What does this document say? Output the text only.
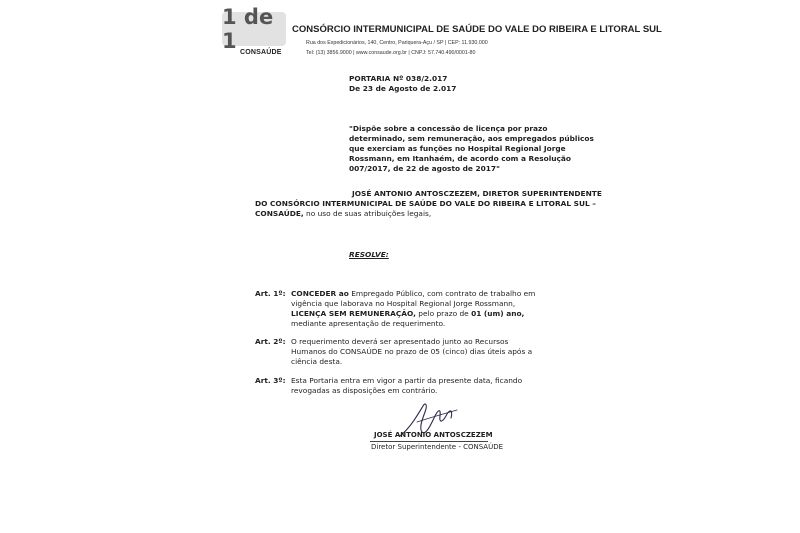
1 de 1 CONSAÚDE
CONSÓRCIO INTERMUNICIPAL DE SAÚDE DO VALE DO RIBEIRA E LITORAL SUL
Rua dos Expedicionários, 140, Centro, Pariquera-Açu / SP | CEP: 11.930.000
Tel: (13) 3856.9000 | www.consaude.org.br | CNPJ: 57.740.490/0001-80
PORTARIA Nº 038/2.017
De 23 de Agosto de 2.017
"Dispõe sobre a concessão de licença por prazo
determinado, sem remuneração, aos empregados públicos
que exerciam as funções no Hospital Regional Jorge
Rossmann, em Itanhaém, de acordo com a Resolução
007/2017, de 22 de agosto de 2017"
JOSÉ ANTONIO ANTOSCZEZEM, DIRETOR SUPERINTENDENTE
DO CONSÓRCIO INTERMUNICIPAL DE SAÚDE DO VALE DO RIBEIRA E LITORAL SUL –
CONSAÚDE, no uso de suas atribuições legais,
RESOLVE:
Art. 1º: CONCEDER ao Empregado Público, com contrato de trabalho em
vigência que laborava no Hospital Regional Jorge Rossmann,
LICENÇA SEM REMUNERAÇÃO, pelo prazo de 01 (um) ano,
mediante apresentação de requerimento.
Art. 2º: O requerimento deverá ser apresentado junto ao Recursos
Humanos do CONSAÚDE no prazo de 05 (cinco) dias úteis após a
ciência desta.
Art. 3º: Esta Portaria entra em vigor a partir da presente data, ficando
revogadas as disposições em contrário.
JOSÉ ANTONIO ANTOSCZEZEM
Diretor Superintendente - CONSAÚDE
